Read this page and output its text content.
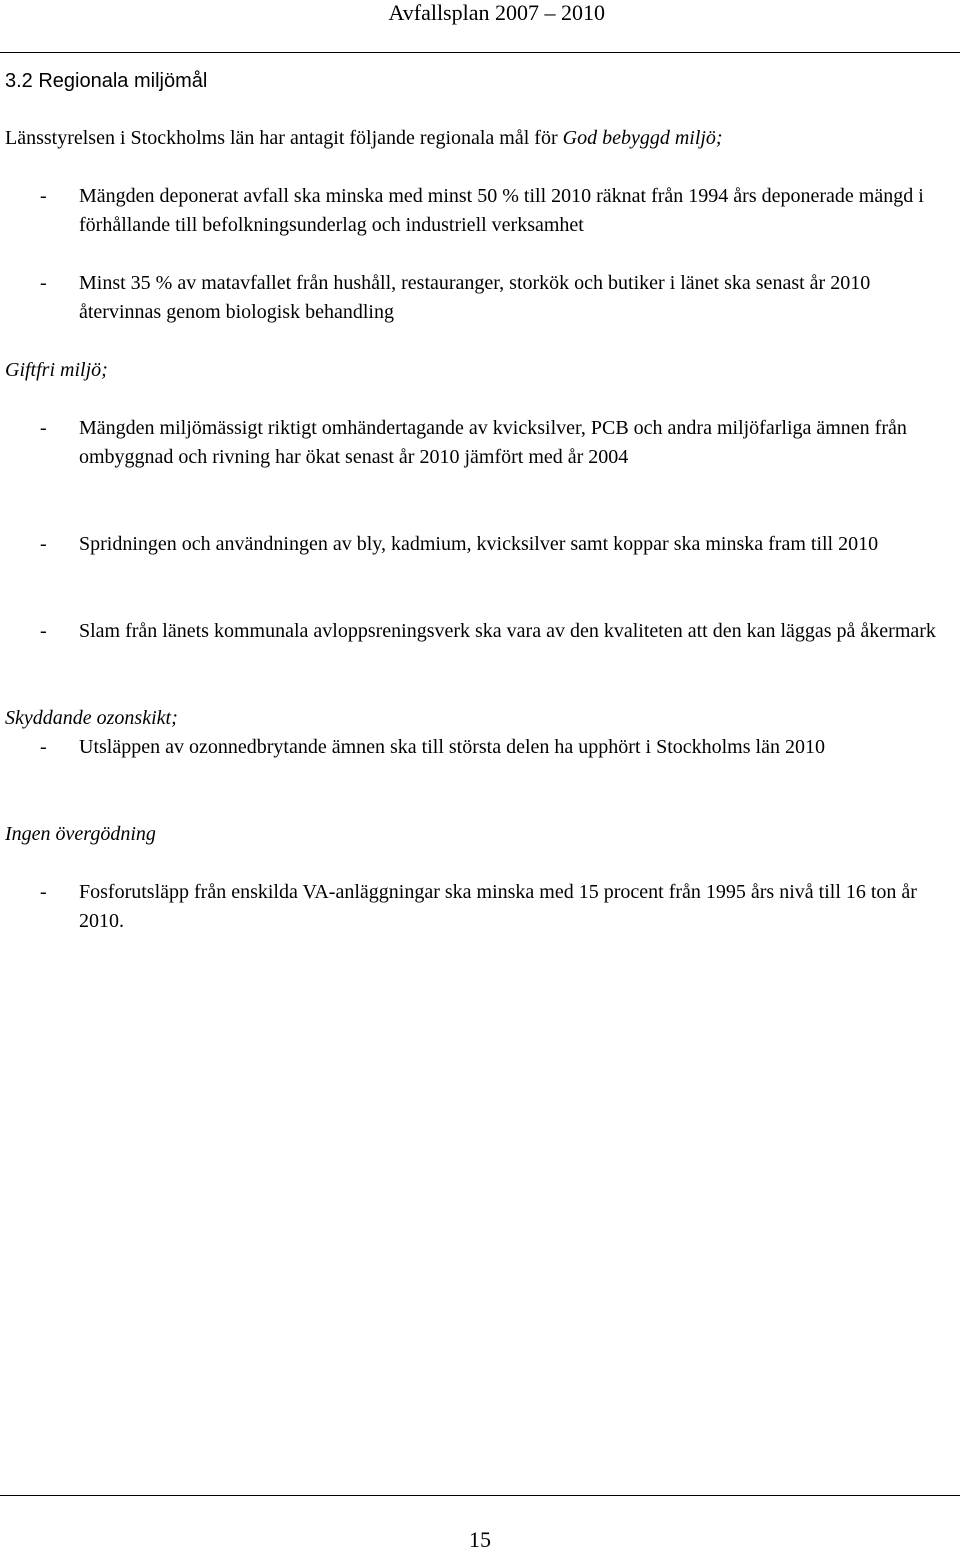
Avfallsplan 2007 – 2010
3.2 Regionala miljömål

Länsstyrelsen i Stockholms län har antagit följande regionala mål för God bebyggd miljö;

- Mängden deponerat avfall ska minska med minst 50 % till 2010 räknat från 1994 års deponerade mängd i förhållande till befolkningsunderlag och industriell verksamhet
- Minst 35 % av matavfallet från hushåll, restauranger, storkök och butiker i länet ska senast år 2010 återvinnas genom biologisk behandling

Giftfri miljö;

- Mängden miljömässigt riktigt omhändertagande av kvicksilver, PCB och andra miljöfarliga ämnen från ombyggnad och rivning har ökat senast år 2010 jämfört med år 2004
- Spridningen och användningen av bly, kadmium, kvicksilver samt koppar ska minska fram till 2010
- Slam från länets kommunala avloppsreningsverk ska vara av den kvaliteten att den kan läggas på åkermark

Skyddande ozonskikt;

- Utsläppen av ozonnedbrytande ämnen ska till största delen ha upphört i Stockholms län 2010

Ingen övergödning

- Fosforutsläpp från enskilda VA-anläggningar ska minska med 15 procent från 1995 års nivå till 16 ton år 2010.
15
